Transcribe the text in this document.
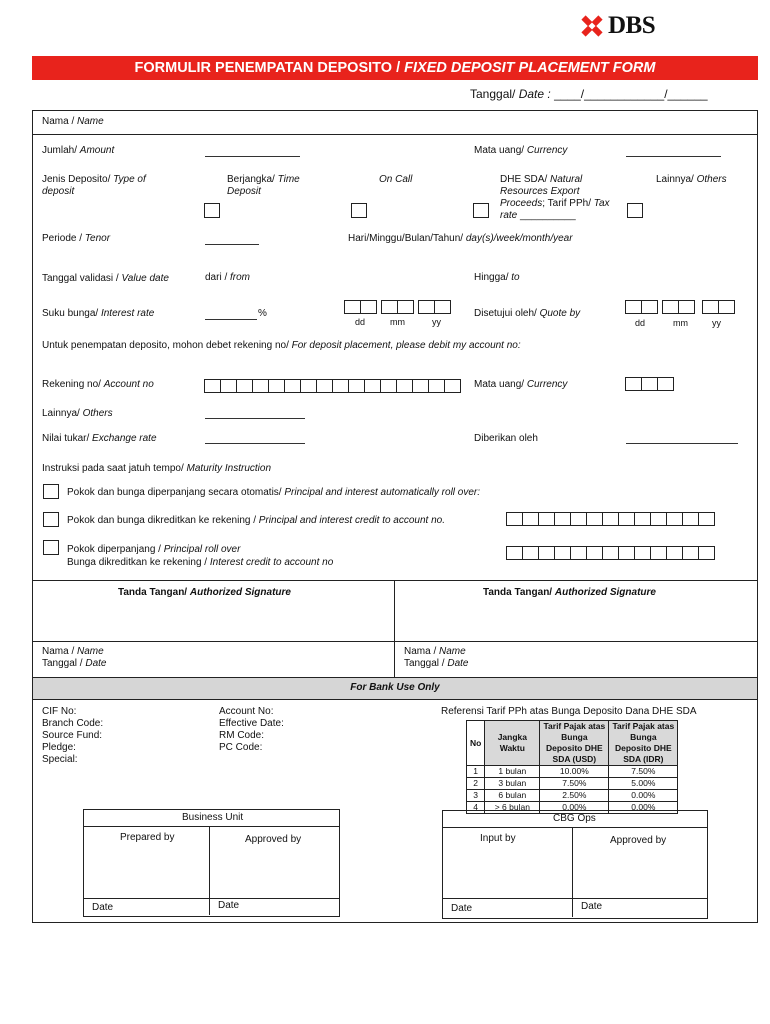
DBS
FORMULIR PENEMPATAN DEPOSITO / FIXED DEPOSIT PLACEMENT FORM
Tanggal/ Date : ____/____________/______
Nama / Name
Jumlah/ Amount	Mata uang/ Currency
Jenis Deposito/ Type of deposit
Berjangka/ Time Deposit
On Call	DHE SDA/ Natural Resources Export Proceeds; Tarif PPh/ Tax rate __________
Lainnya/ Others
Periode / Tenor	Hari/Minggu/Bulan/Tahun/ day(s)/week/month/year
Tanggal validasi / Value date	dari / from	Hingga/ to
Suku bunga/ Interest rate	%
dd	mm	yy
Disetujui oleh/ Quote by
dd	mm	yy
Untuk penempatan deposito, mohon debet rekening no/ For deposit placement, please debit my account no:
Rekening no/ Account no	Mata uang/ Currency
Lainnya/ Others
Nilai tukar/ Exchange rate	Diberikan oleh
Instruksi pada saat jatuh tempo/ Maturity Instruction
Pokok dan bunga diperpanjang secara otomatis/ Principal and interest automatically roll over:
Pokok dan bunga dikreditkan ke rekening / Principal and interest credit to account no.
Pokok diperpanjang / Principal roll over
Bunga dikreditkan ke rekening / Interest credit to account no
Tanda Tangan/ Authorized Signature	Tanda Tangan/ Authorized Signature
Nama / Name
Tanggal / Date
Nama / Name
Tanggal / Date
For Bank Use Only
CIF No:
Branch Code:
Source Fund:
Pledge:
Special:
Account No:
Effective Date:
RM Code:
PC Code:
Referensi Tarif PPh atas Bunga Deposito Dana DHE SDA
No	Jangka Waktu	Tarif Pajak atas Bunga Deposito DHE SDA (USD)	Tarif Pajak atas Bunga Deposito DHE SDA (IDR)
1	1 bulan	10.00%	7.50%
2	3 bulan	7.50%	5.00%
3	6 bulan	2.50%	0.00%
4	> 6 bulan	0.00%	0.00%
Business Unit
Prepared by	Approved by
Date	Date
CBG Ops
Input by	Approved by
Date	Date
